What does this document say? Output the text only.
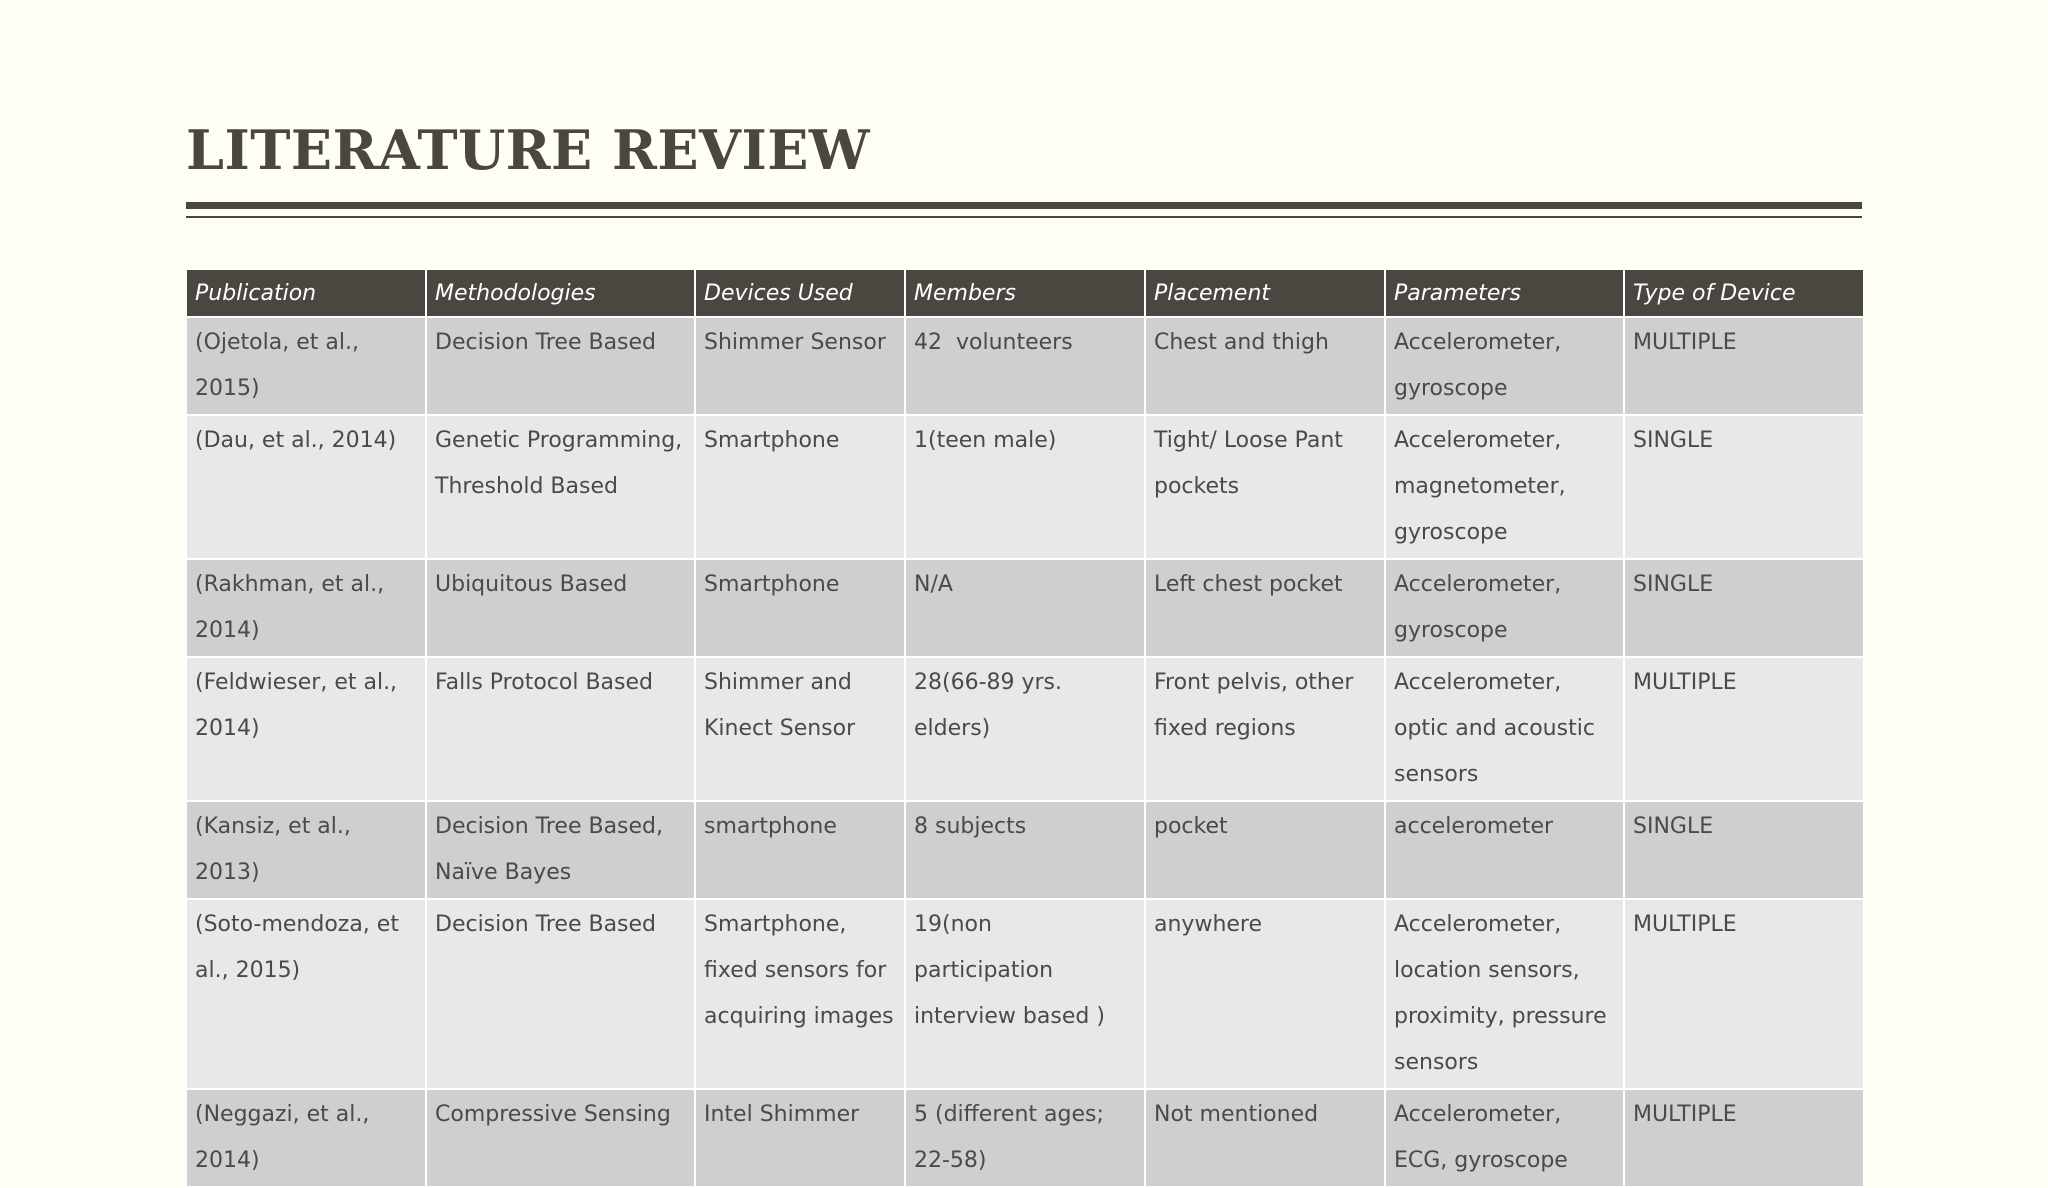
LITERATURE REVIEW
Publication	Methodologies	Devices Used	Members	Placement	Parameters	Type of Device
(Ojetola, et al., 2015)	Decision Tree Based	Shimmer Sensor	42  volunteers	Chest and thigh	Accelerometer, gyroscope	MULTIPLE
(Dau, et al., 2014)	Genetic Programming, Threshold Based	Smartphone	1(teen male)	Tight/ Loose Pant pockets	Accelerometer, magnetometer, gyroscope	SINGLE
(Rakhman, et al., 2014)	Ubiquitous Based	Smartphone	N/A	Left chest pocket	Accelerometer, gyroscope	SINGLE
(Feldwieser, et al., 2014)	Falls Protocol Based	Shimmer and Kinect Sensor	28(66-89 yrs. elders)	Front pelvis, other fixed regions	Accelerometer, optic and acoustic sensors	MULTIPLE
(Kansiz, et al., 2013)	Decision Tree Based, Naïve Bayes	smartphone	8 subjects	pocket	accelerometer	SINGLE
(Soto-mendoza, et al., 2015)	Decision Tree Based	Smartphone, fixed sensors for acquiring images	19(non participation interview based )	anywhere	Accelerometer, location sensors, proximity, pressure sensors	MULTIPLE
(Neggazi, et al., 2014)	Compressive Sensing	Intel Shimmer	5 (different ages; 22-58)	Not mentioned	Accelerometer, ECG, gyroscope	MULTIPLE
